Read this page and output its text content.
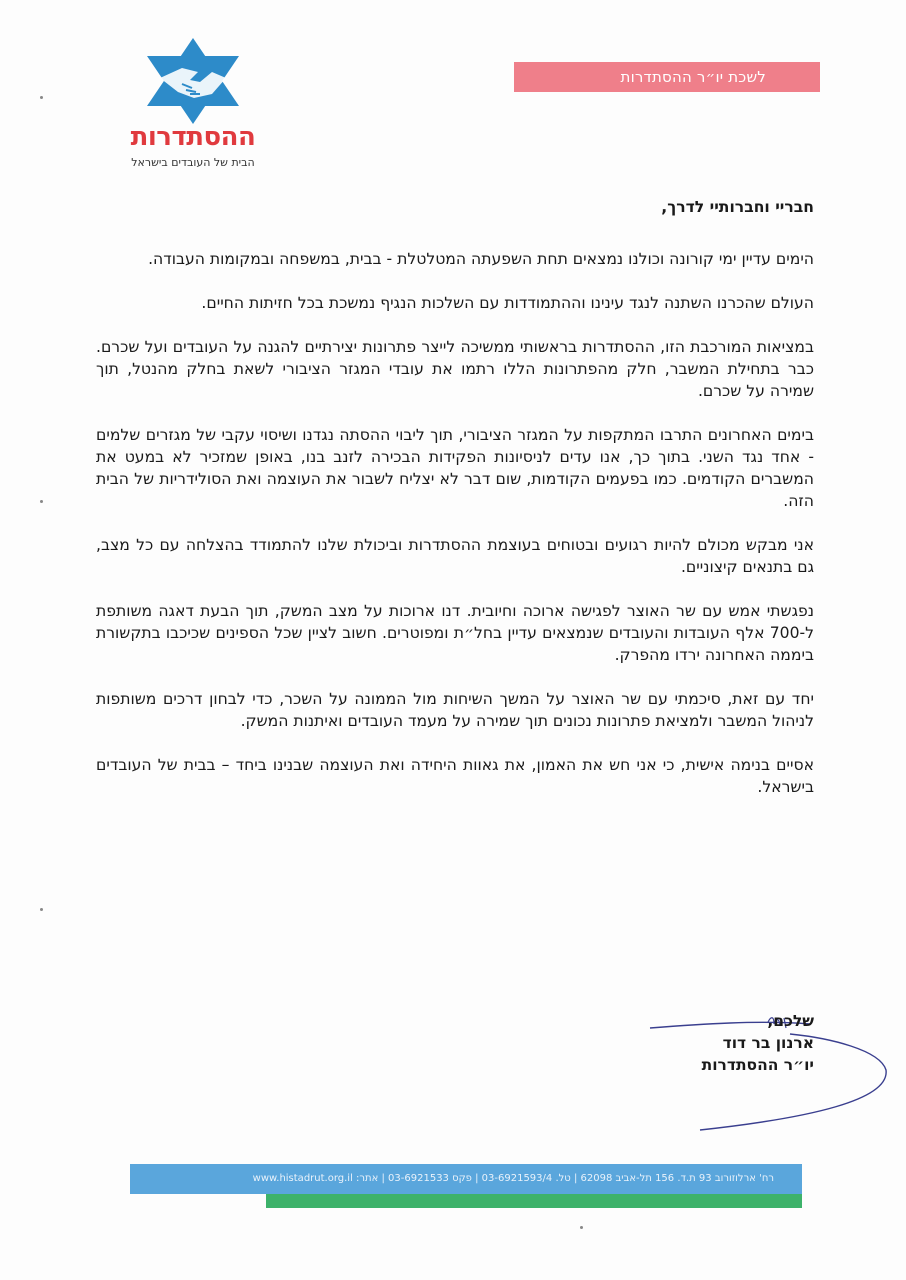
ההסתדרות
הבית של העובדים בישראל
לשכת יו״ר ההסתדרות

חבריי וחברותיי לדרך,

הימים עדיין ימי קורונה וכולנו נמצאים תחת השפעתה המטלטלת - בבית, במשפחה ובמקומות העבודה.

העולם שהכרנו השתנה לנגד עינינו וההתמודדות עם השלכות הנגיף נמשכת בכל חזיתות החיים.

במציאות המורכבת הזו, ההסתדרות בראשותי ממשיכה לייצר פתרונות יצירתיים להגנה על העובדים ועל שכרם. כבר בתחילת המשבר, חלק מהפתרונות הללו רתמו את עובדי המגזר הציבורי לשאת בחלק מהנטל, תוך שמירה על שכרם.

בימים האחרונים התרבו המתקפות על המגזר הציבורי, תוך ליבוי ההסתה נגדנו ושיסוי עקבי של מגזרים שלמים - אחד נגד השני. בתוך כך, אנו עדים לניסיונות הפקידות הבכירה לזנב בנו, באופן שמזכיר לא במעט את המשברים הקודמים. כמו בפעמים הקודמות, שום דבר לא יצליח לשבור את העוצמה ואת הסולידריות של הבית הזה.

אני מבקש מכולם להיות רגועים ובטוחים בעוצמת ההסתדרות וביכולת שלנו להתמודד בהצלחה עם כל מצב, גם בתנאים קיצוניים.

נפגשתי אמש עם שר האוצר לפגישה ארוכה וחיובית. דנו ארוכות על מצב המשק, תוך הבעת דאגה משותפת ל-700 אלף העובדות והעובדים שנמצאים עדיין בחל״ת ומפוטרים. חשוב לציין שכל הספינים שכיכבו בתקשורת ביממה האחרונה ירדו מהפרק.

יחד עם זאת, סיכמתי עם שר האוצר על המשך השיחות מול הממונה על השכר, כדי לבחון דרכים משותפות לניהול המשבר ולמציאת פתרונות נכונים תוך שמירה על מעמד העובדים ואיתנות המשק.

אסיים בנימה אישית, כי אני חש את האמון, את גאוות היחידה ואת העוצמה שבנינו ביחד – בבית של העובדים בישראל.

שלכם,
ארנון בר דוד
יו״ר ההסתדרות
רח' ארלוזורוב 93 ת.ד. 156 תל-אביב 62098 | טל. 03-6921593/4 | פקס 03-6921533 | אתר: www.histadrut.org.il
